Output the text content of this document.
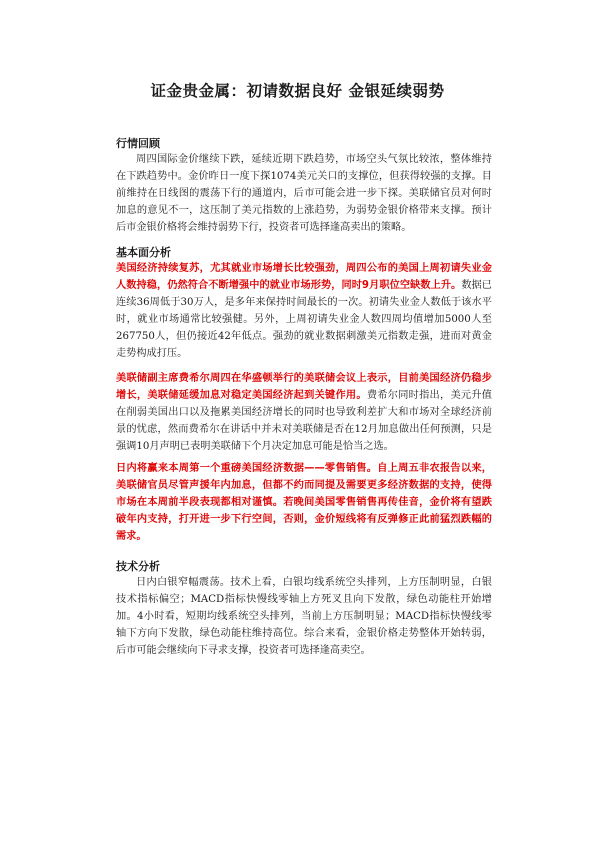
证金贵金属：初请数据良好 金银延续弱势
行情回顾

周四国际金价继续下跌，延续近期下跌趋势，市场空头气氛比较浓，整体维持在下跌趋势中。金价昨日一度下探1074美元关口的支撑位，但获得较强的支撑。目前维持在日线图的震荡下行的通道内，后市可能会进一步下探。美联储官员对何时加息的意见不一，这压制了美元指数的上涨趋势，为弱势金银价格带来支撑。预计后市金银价格将会维持弱势下行，投资者可选择逢高卖出的策略。

基本面分析

美国经济持续复苏，尤其就业市场增长比较强劲，周四公布的美国上周初请失业金人数持稳，仍然符合不断增强中的就业市场形势，同时9月职位空缺数上升。数据已连续36周低于30万人，是多年来保持时间最长的一次。初请失业金人数低于该水平时，就业市场通常比较强健。另外，上周初请失业金人数四周均值增加5000人至267750人，但仍接近42年低点。强劲的就业数据刺激美元指数走强，进而对黄金走势构成打压。

美联储副主席费希尔周四在华盛顿举行的美联储会议上表示，目前美国经济仍稳步增长，美联储延缓加息对稳定美国经济起到关键作用。费希尔同时指出，美元升值在削弱美国出口以及拖累美国经济增长的同时也导致利差扩大和市场对全球经济前景的忧虑，然而费希尔在讲话中并未对美联储是否在12月加息做出任何预测，只是强调10月声明已表明美联储下个月决定加息可能是恰当之选。

日内将赢来本周第一个重磅美国经济数据——零售销售。自上周五非农报告以来，美联储官员尽管声援年内加息，但都不约而同提及需要更多经济数据的支持，使得市场在本周前半段表现都相对谨慎。若晚间美国零售销售再传佳音，金价将有望跌破年内支持，打开进一步下行空间，否则，金价短线将有反弹修正此前猛烈跌幅的需求。

技术分析

日内白银窄幅震荡。技术上看，白银均线系统空头排列，上方压制明显，白银技术指标偏空；MACD指标快慢线零轴上方死叉且向下发散，绿色动能柱开始增加。4小时看，短期均线系统空头排列，当前上方压制明显；MACD指标快慢线零轴下方向下发散，绿色动能柱维持高位。综合来看，金银价格走势整体开始转弱，后市可能会继续向下寻求支撑，投资者可选择逢高卖空。
